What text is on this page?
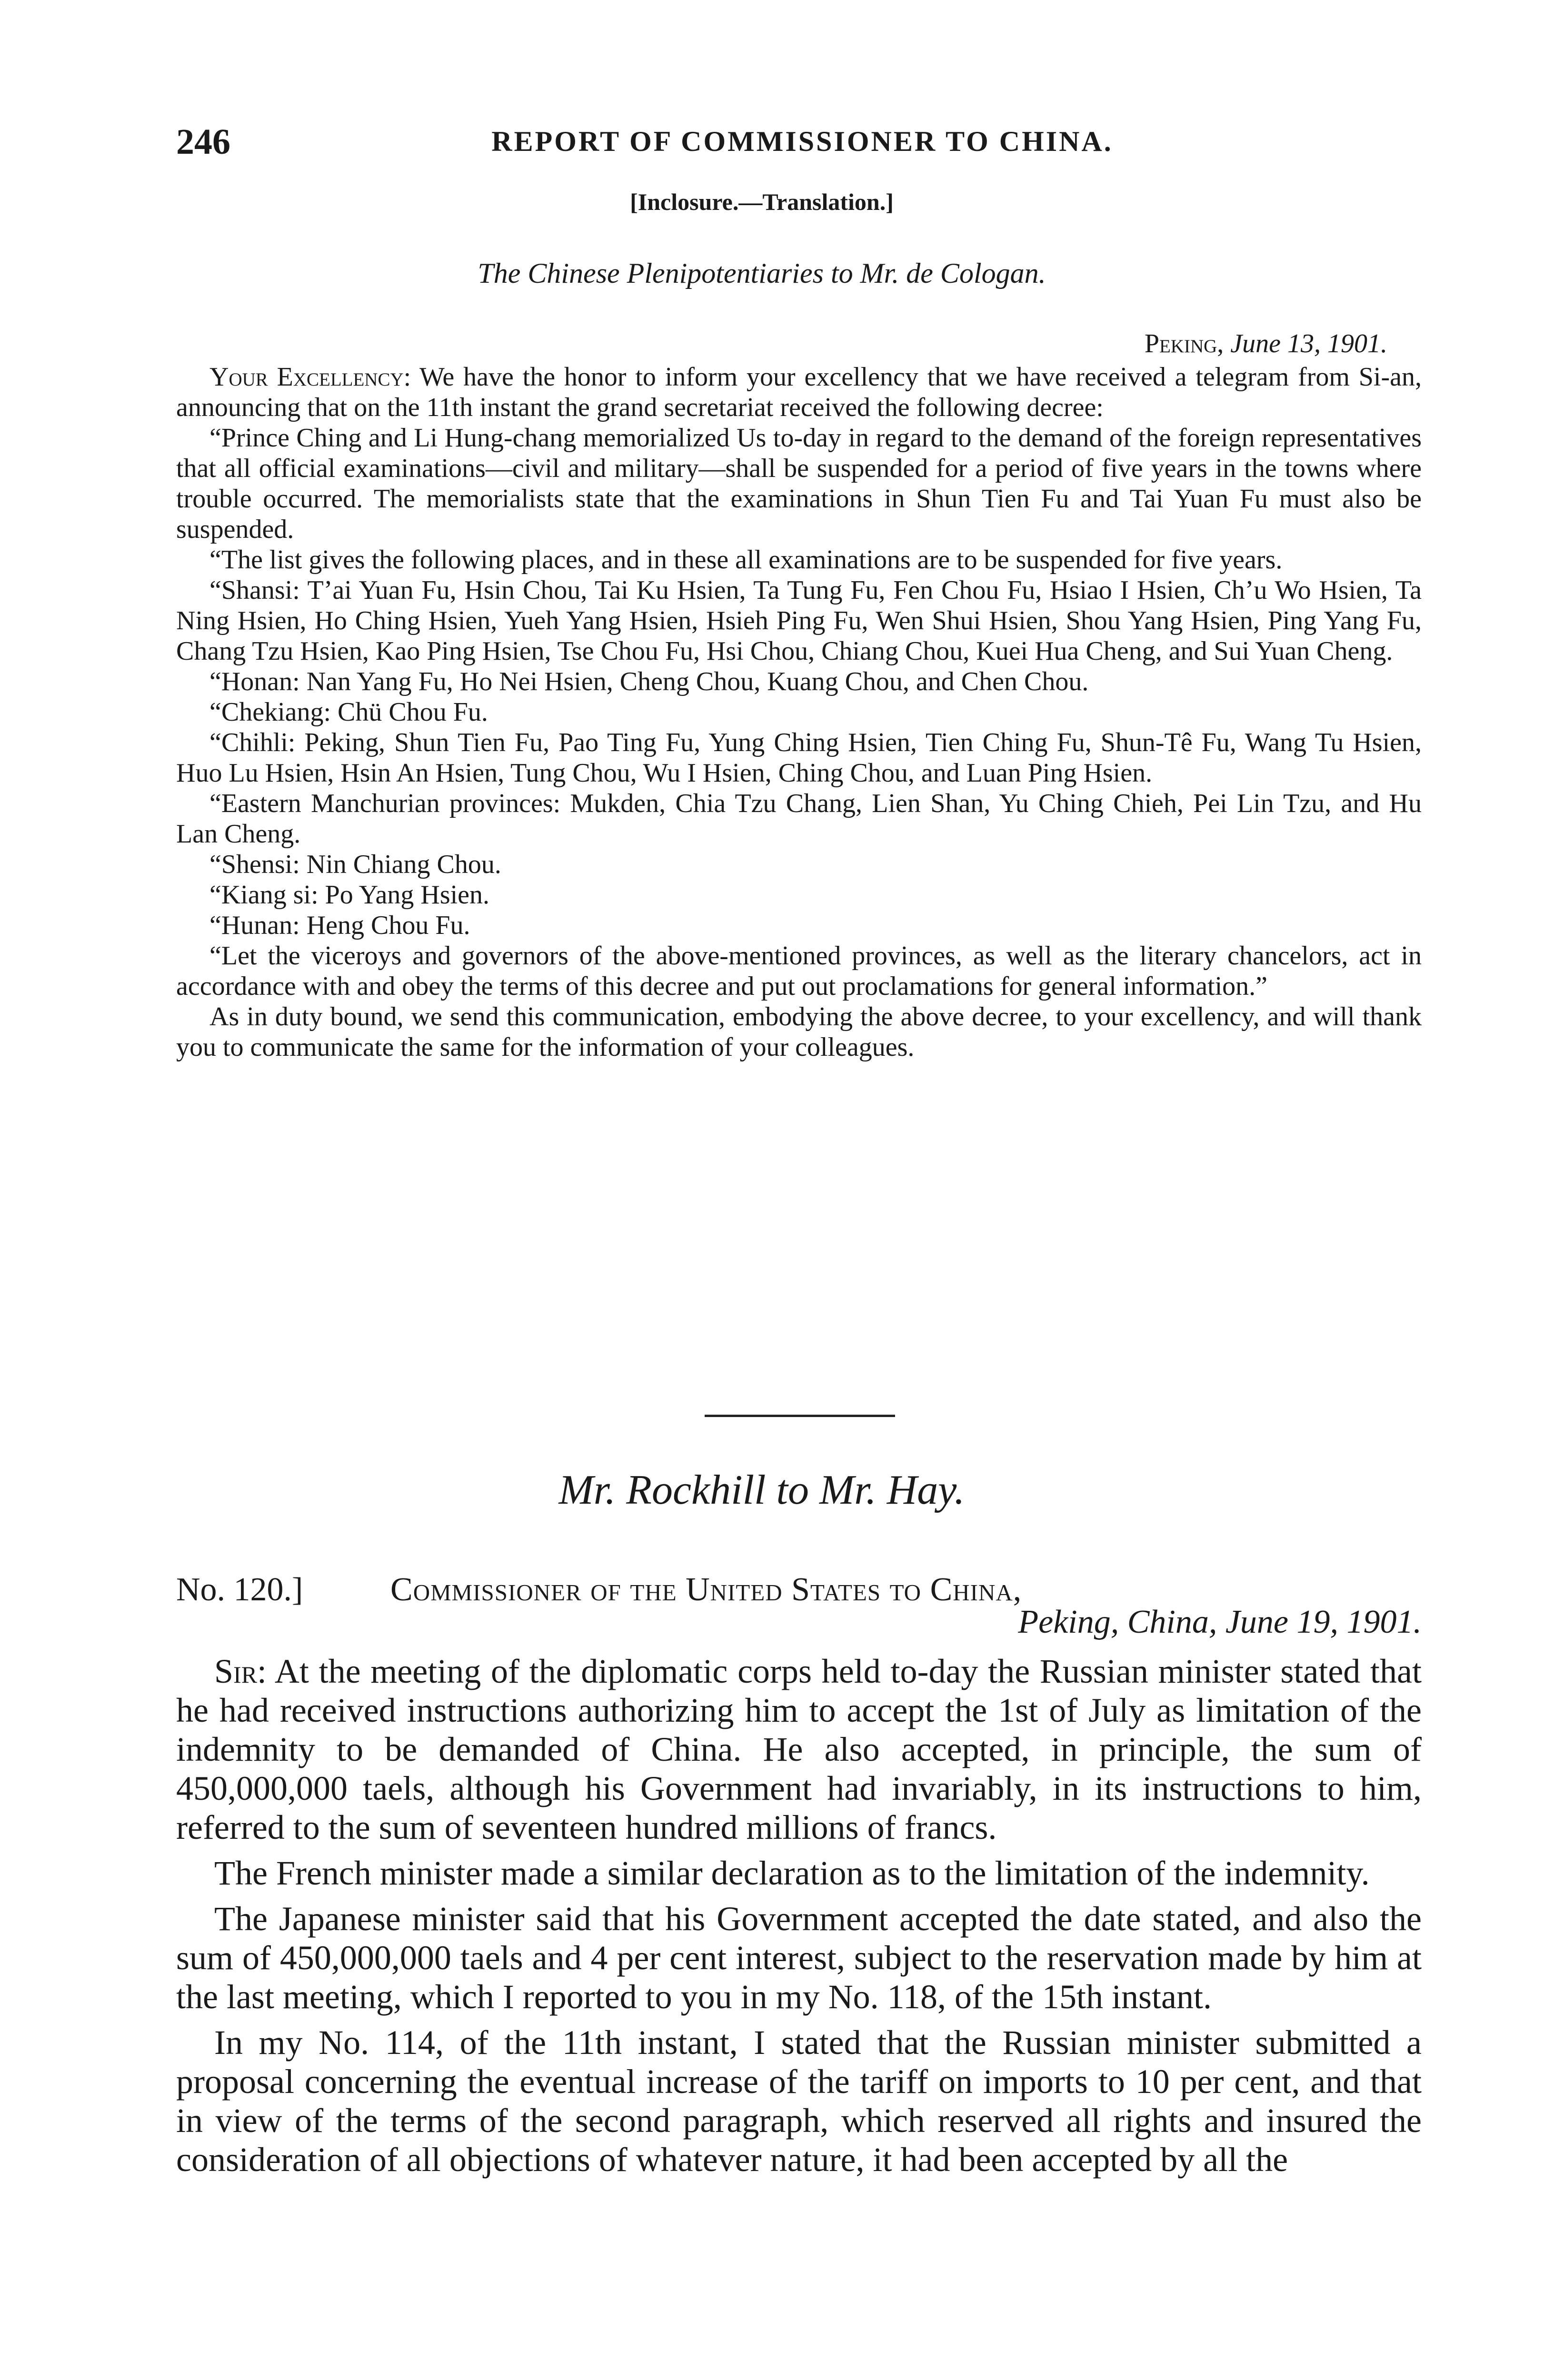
246	REPORT OF COMMISSIONER TO CHINA.
[Inclosure.—Translation.]
The Chinese Plenipotentiaries to Mr. de Cologan.
Peking, June 13, 1901.

Your Excellency: We have the honor to inform your excellency that we have received a telegram from Si-an, announcing that on the 11th instant the grand secretariat received the following decree:

“Prince Ching and Li Hung-chang memorialized Us to-day in regard to the demand of the foreign representatives that all official examinations—civil and military—shall be suspended for a period of five years in the towns where trouble occurred. The memorialists state that the examinations in Shun Tien Fu and Tai Yuan Fu must also be suspended.

“The list gives the following places, and in these all examinations are to be suspended for five years.

“Shansi: T’ai Yuan Fu, Hsin Chou, Tai Ku Hsien, Ta Tung Fu, Fen Chou Fu, Hsiao I Hsien, Ch’u Wo Hsien, Ta Ning Hsien, Ho Ching Hsien, Yueh Yang Hsien, Hsieh Ping Fu, Wen Shui Hsien, Shou Yang Hsien, Ping Yang Fu, Chang Tzu Hsien, Kao Ping Hsien, Tse Chou Fu, Hsi Chou, Chiang Chou, Kuei Hua Cheng, and Sui Yuan Cheng.

“Honan: Nan Yang Fu, Ho Nei Hsien, Cheng Chou, Kuang Chou, and Chen Chou.

“Chekiang: Chü Chou Fu.

“Chihli: Peking, Shun Tien Fu, Pao Ting Fu, Yung Ching Hsien, Tien Ching Fu, Shun-Tê Fu, Wang Tu Hsien, Huo Lu Hsien, Hsin An Hsien, Tung Chou, Wu I Hsien, Ching Chou, and Luan Ping Hsien.

“Eastern Manchurian provinces: Mukden, Chia Tzu Chang, Lien Shan, Yu Ching Chieh, Pei Lin Tzu, and Hu Lan Cheng.

“Shensi: Nin Chiang Chou.

“Kiang si: Po Yang Hsien.

“Hunan: Heng Chou Fu.

“Let the viceroys and governors of the above-mentioned provinces, as well as the literary chancelors, act in accordance with and obey the terms of this decree and put out proclamations for general information.”

As in duty bound, we send this communication, embodying the above decree, to your excellency, and will thank you to communicate the same for the information of your colleagues.

Mr. Rockhill to Mr. Hay.
No. 120.]	Commissioner of the United States to China,
Peking, China, June 19, 1901.

Sir: At the meeting of the diplomatic corps held to-day the Russian minister stated that he had received instructions authorizing him to accept the 1st of July as limitation of the indemnity to be demanded of China. He also accepted, in principle, the sum of 450,000,000 taels, although his Government had invariably, in its instructions to him, referred to the sum of seventeen hundred millions of francs.

The French minister made a similar declaration as to the limitation of the indemnity.

The Japanese minister said that his Government accepted the date stated, and also the sum of 450,000,000 taels and 4 per cent interest, subject to the reservation made by him at the last meeting, which I reported to you in my No. 118, of the 15th instant.

In my No. 114, of the 11th instant, I stated that the Russian minister submitted a proposal concerning the eventual increase of the tariff on imports to 10 per cent, and that in view of the terms of the second paragraph, which reserved all rights and insured the consideration of all objections of whatever nature, it had been accepted by all the
